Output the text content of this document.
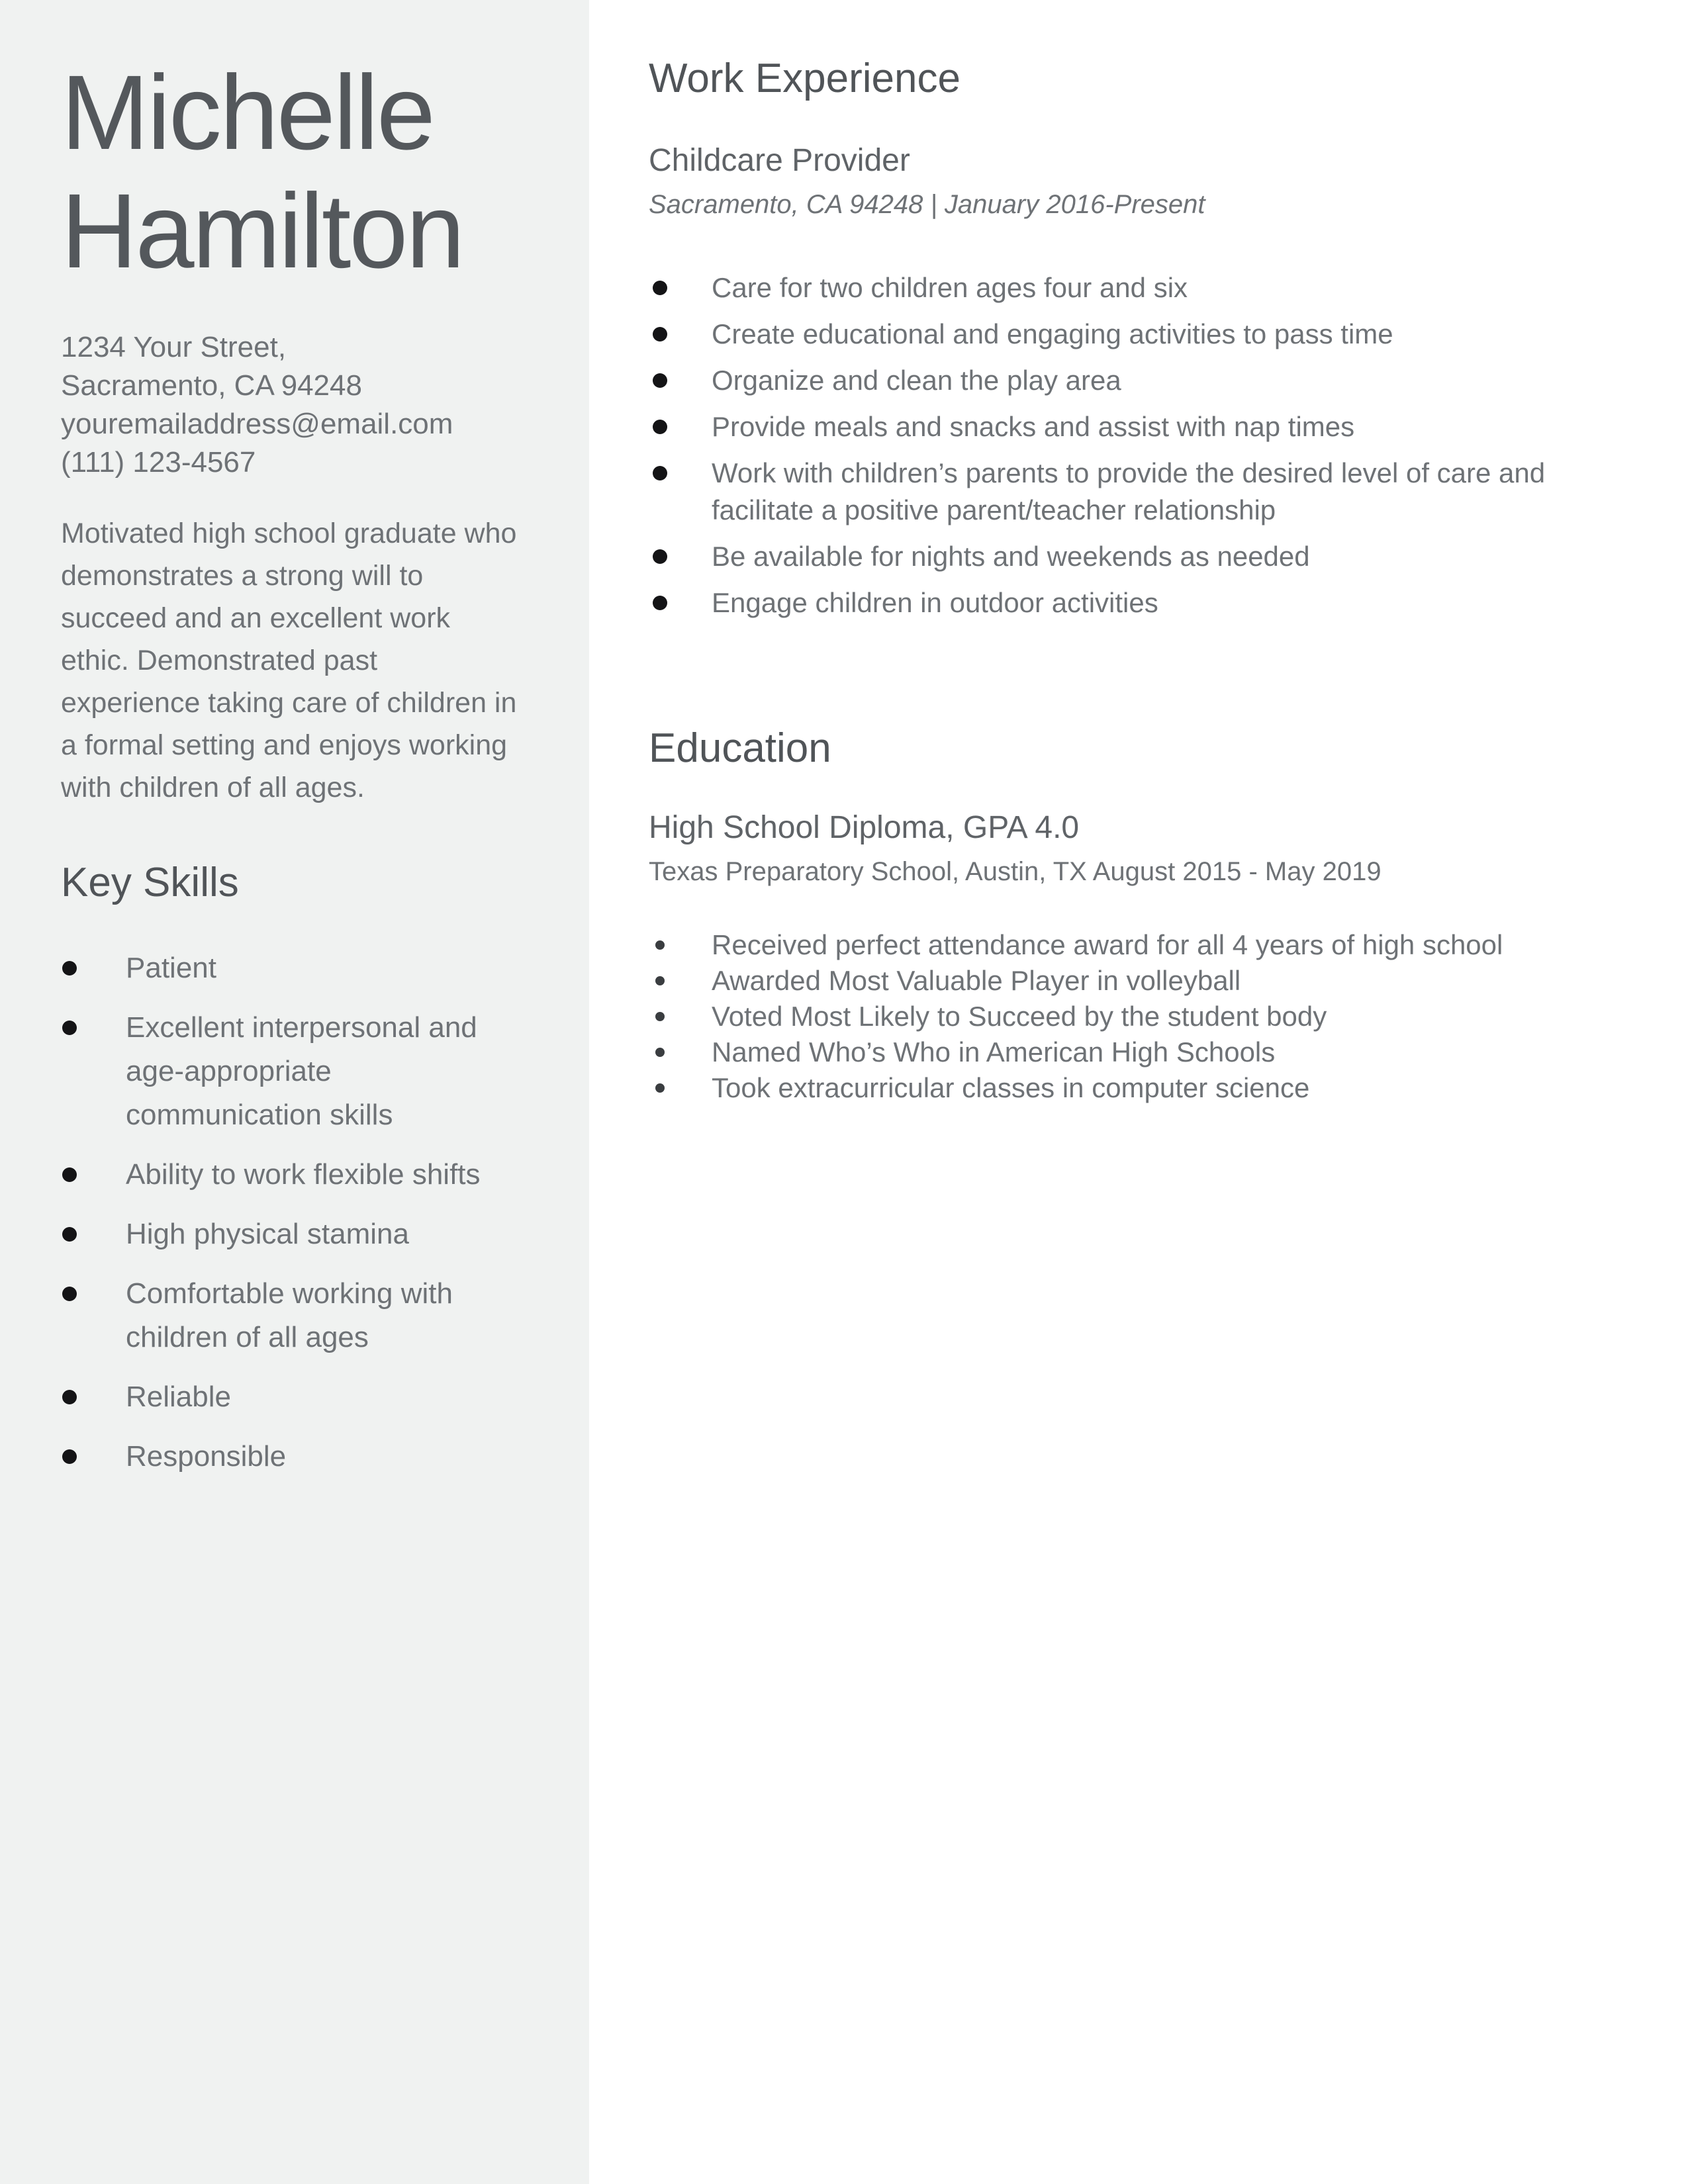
Michelle
Hamilton
1234 Your Street,
Sacramento, CA 94248
youremailaddress@email.com
(111) 123-4567

Motivated high school graduate who demonstrates a strong will to succeed and an excellent work ethic. Demonstrated past experience taking care of children in a formal setting and enjoys working with children of all ages.

Key Skills
Patient
Excellent interpersonal and age-appropriate communication skills
Ability to work flexible shifts
High physical stamina
Comfortable working with children of all ages
Reliable
Responsible
Work Experience
Childcare Provider
Sacramento, CA 94248 | January 2016-Present
Care for two children ages four and six
Create educational and engaging activities to pass time
Organize and clean the play area
Provide meals and snacks and assist with nap times
Work with children’s parents to provide the desired level of care and facilitate a positive parent/teacher relationship
Be available for nights and weekends as needed
Engage children in outdoor activities
Education
High School Diploma, GPA 4.0
Texas Preparatory School, Austin, TX August 2015 - May 2019
Received perfect attendance award for all 4 years of high school
Awarded Most Valuable Player in volleyball
Voted Most Likely to Succeed by the student body
Named Who’s Who in American High Schools
Took extracurricular classes in computer science
